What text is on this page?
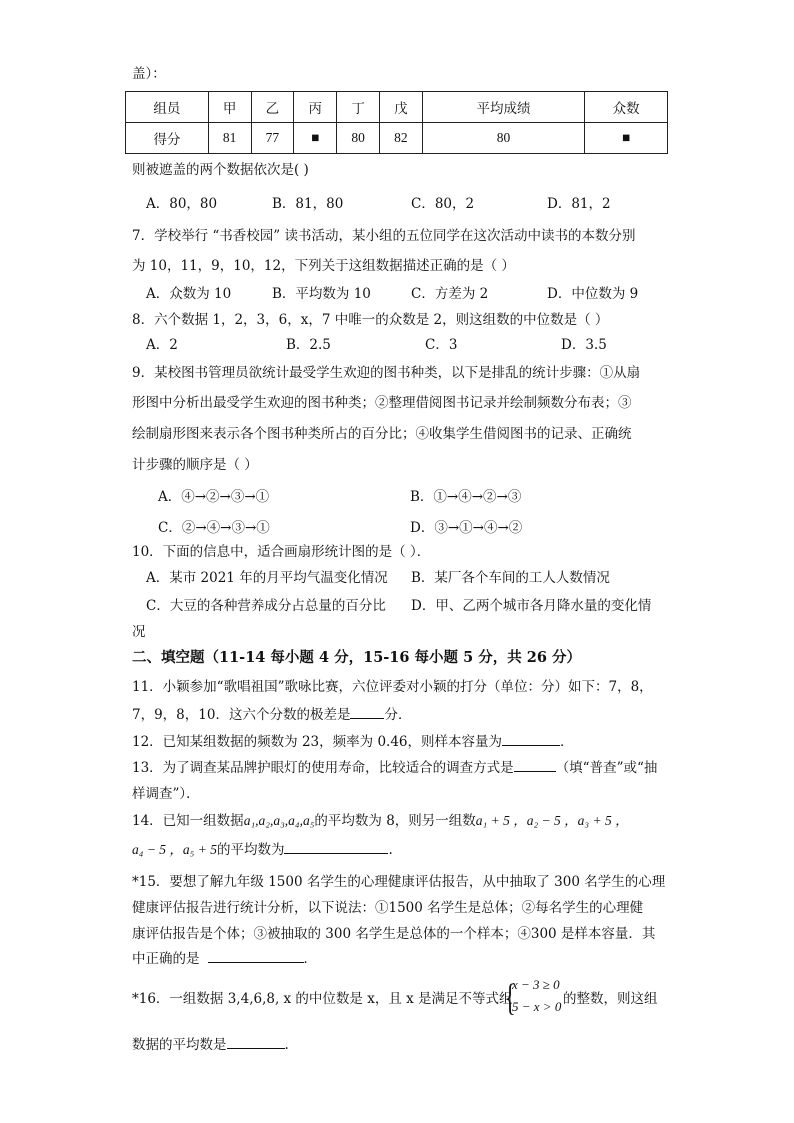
盖）：
组员	甲	乙	丙	丁	戊	平均成绩	众数
得分	81	77	■	80	82	80	■
则被遮盖的两个数据依次是( )
A．80，80	B．81，80	C．80，2	D．81，2
7．学校举行 “书香校园” 读书活动，某小组的五位同学在这次活动中读书的本数分别
为 10，11，9，10，12，下列关于这组数据描述正确的是（ ）
A．众数为 10	B．平均数为 10	C．方差为 2	D．中位数为 9
8．六个数据 1，2，3，6，x，7 中唯一的众数是 2，则这组数的中位数是（ ）
A．2	B．2.5	C．3	D．3.5
9．某校图书管理员欲统计最受学生欢迎的图书种类，以下是排乱的统计步骤：①从扇
形图中分析出最受学生欢迎的图书种类；②整理借阅图书记录并绘制频数分布表；③
绘制扇形图来表示各个图书种类所占的百分比；④收集学生借阅图书的记录、正确统
计步骤的顺序是（ ）
A．④→②→③→①	B．①→④→②→③
C．②→④→③→①	D．③→①→④→②
10．下面的信息中，适合画扇形统计图的是（ ）．
A．某市 2021 年的月平均气温变化情况 B．某厂各个车间的工人人数情况
C．大豆的各种营养成分占总量的百分比 D．甲、乙两个城市各月降水量的变化情
况
二、填空题（11-14 每小题 4 分，15-16 每小题 5 分，共 26 分）
11．小颖参加“歌唱祖国”歌咏比赛，六位评委对小颖的打分（单位：分）如下：7，8，
7，9，8，10．这六个分数的极差是	分．
12．已知某组数据的频数为 23，频率为 0.46，则样本容量为	．
13．为了调查某品牌护眼灯的使用寿命，比较适合的调查方式是	（填“普查”或“抽
样调查”）．
14．已知一组数据a₁,a₂,a₃,a₄,a₅的平均数为 8，则另一组数a₁ + 5 ，a₂ − 5 ，a₃ + 5 ，
a₄ − 5 ，a₅ + 5的平均数为	.
*15．要想了解九年级 1500 名学生的心理健康评估报告，从中抽取了 300 名学生的心理
健康评估报告进行统计分析，以下说法：①1500 名学生是总体；②每名学生的心理健
康评估报告是个体；③被抽取的 300 名学生是总体的一个样本；④300 是样本容量．其
中正确的是	．
*16．一组数据 3,4,6,8, x 的中位数是 x，且 x 是满足不等式组
{
x − 3 ≥ 0
5 − x > 0 的整数，则这组
数据的平均数是	.
